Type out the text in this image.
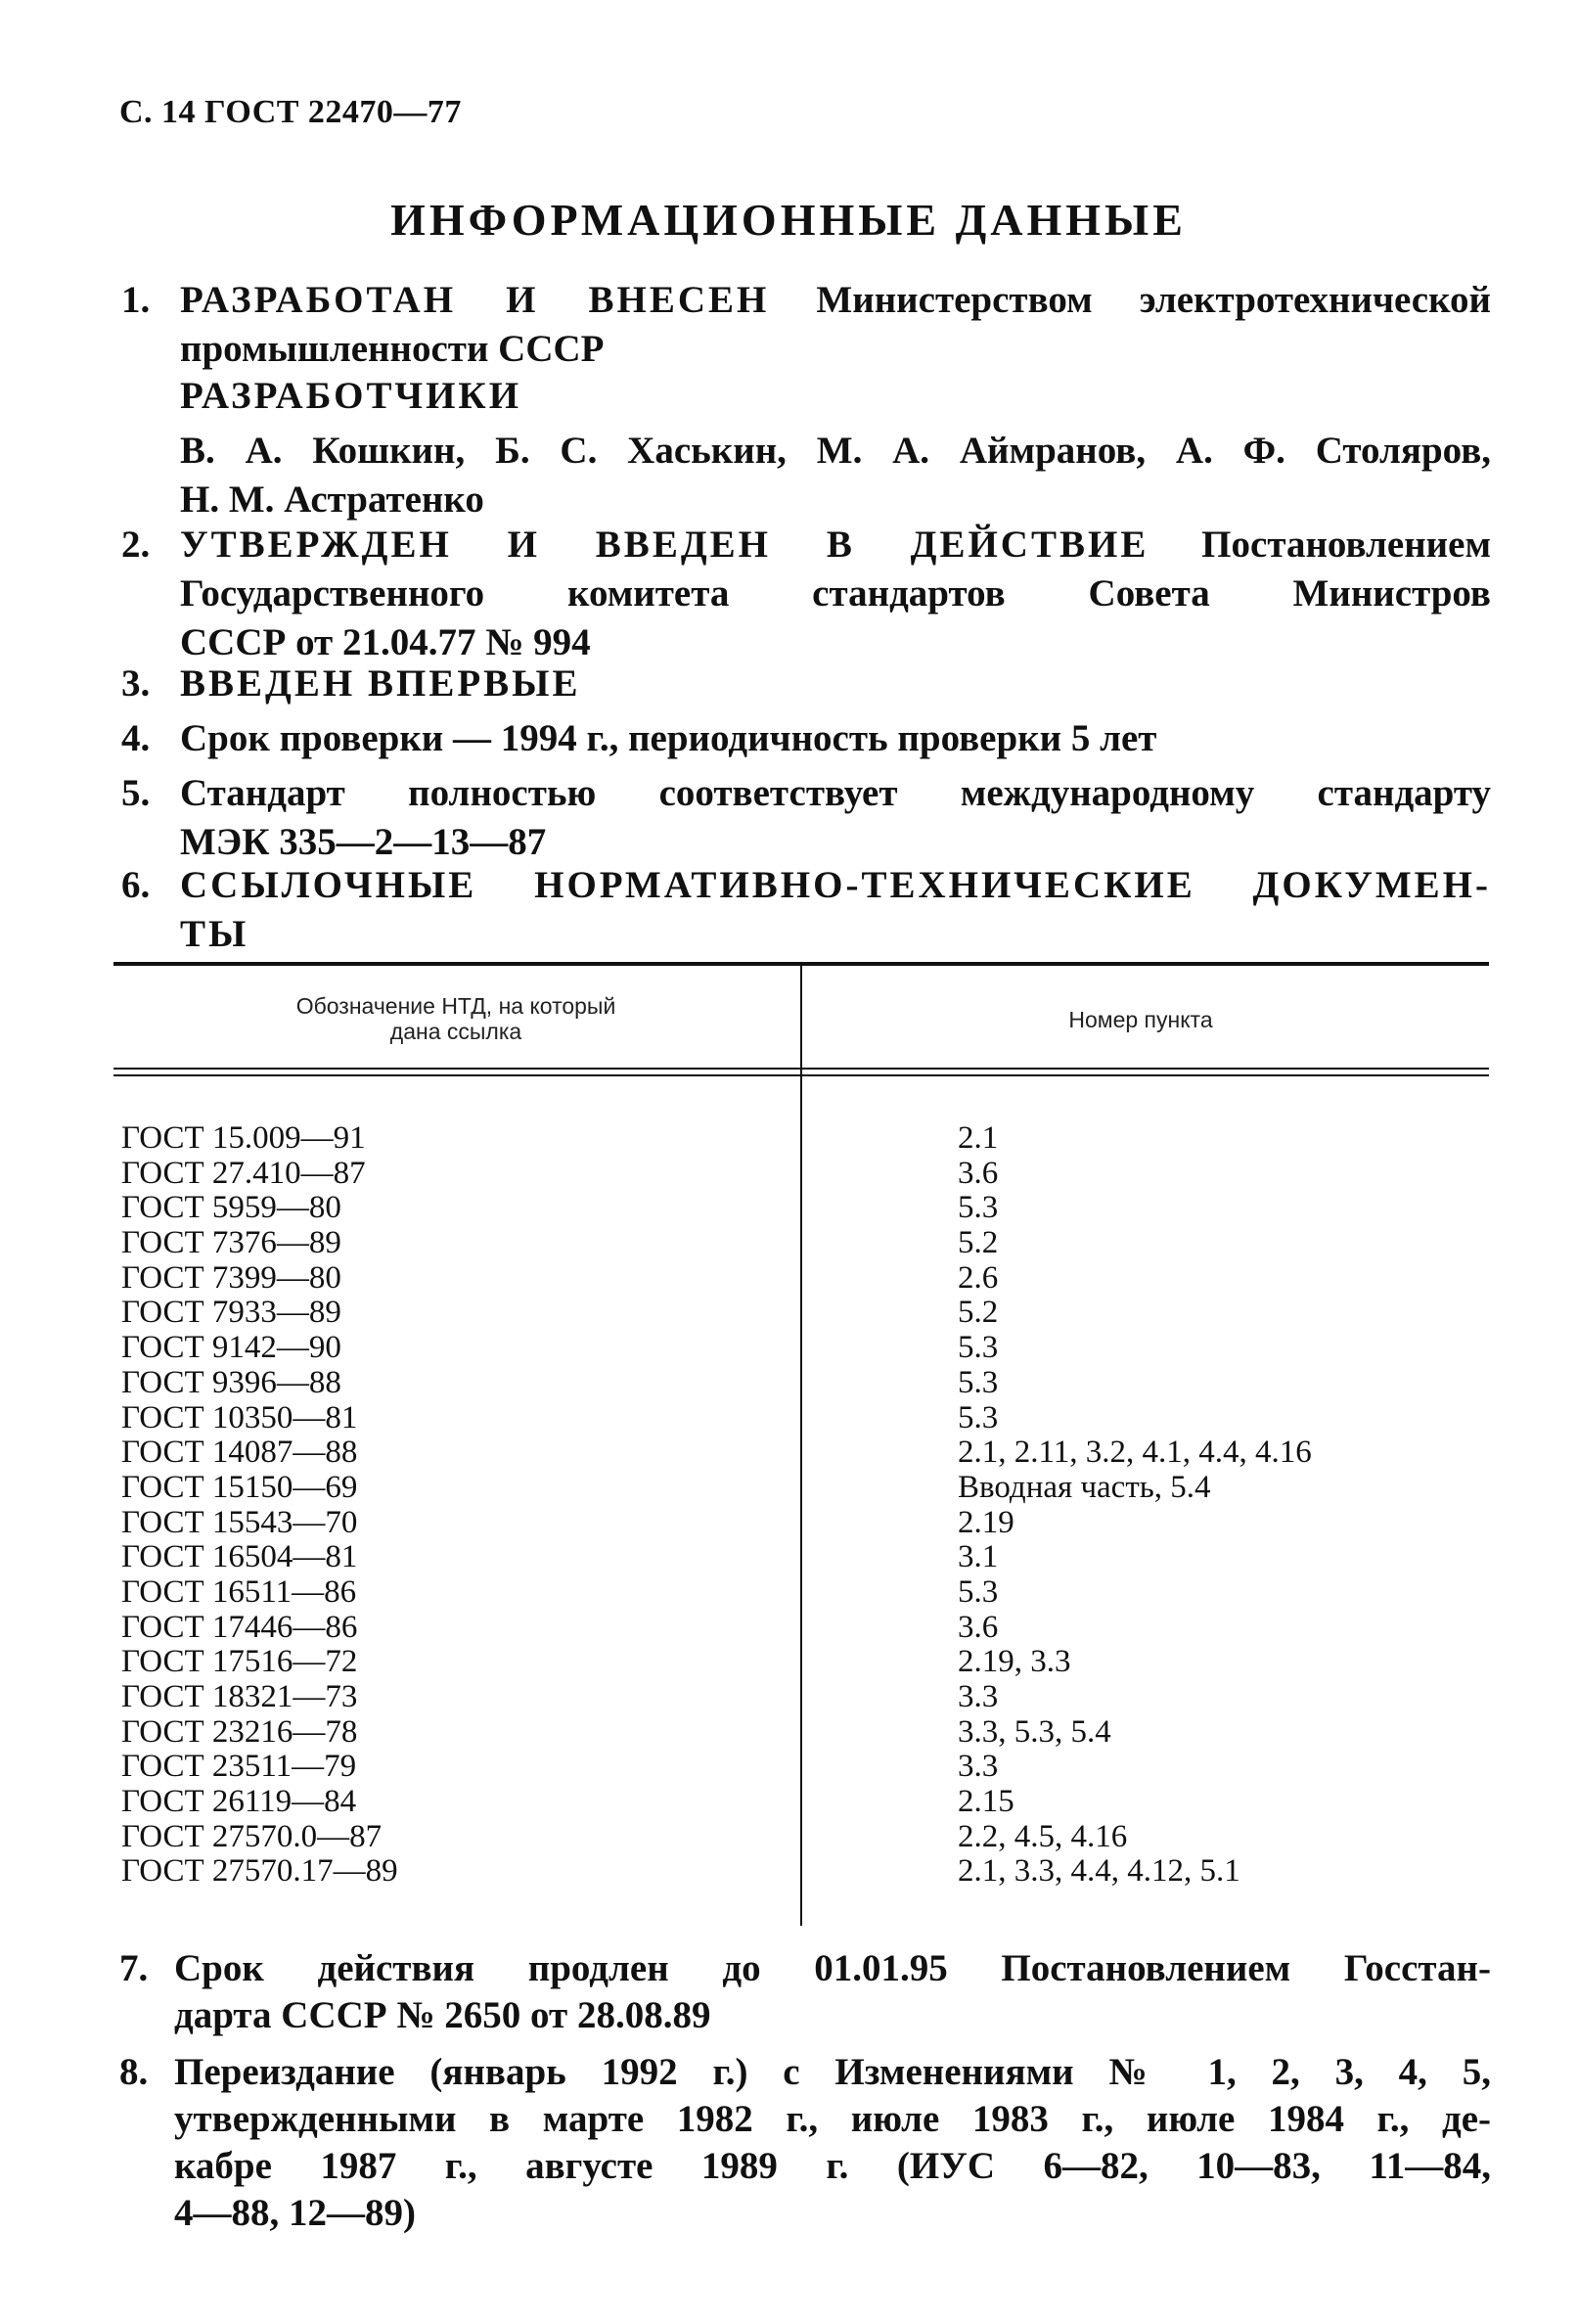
С. 14 ГОСТ 22470—77
ИНФОРМАЦИОННЫЕ ДАННЫЕ
1. РАЗРАБОТАН И ВНЕСЕН Министерством электротехнической
промышленности СССР
РАЗРАБОТЧИКИ
В. А. Кошкин, Б. С. Хаськин, М. А. Аймранов, А. Ф. Столяров,
Н. М. Астратенко
2. УТВЕРЖДЕН И ВВЕДЕН В ДЕЙСТВИЕ Постановлением
Государственного комитета стандартов Совета Министров
СССР от 21.04.77 № 994
3. ВВЕДЕН ВПЕРВЫЕ
4. Срок проверки — 1994 г., периодичность проверки 5 лет
5. Стандарт полностью соответствует международному стандарту
МЭК 335—2—13—87
6. ССЫЛОЧНЫЕ НОРМАТИВНО-ТЕХНИЧЕСКИЕ ДОКУМЕН-
ТЫ
Обозначение НТД, на который
дана ссылка	Номер пункта
ГОСТ 15.009—91	2.1
ГОСТ 27.410—87	3.6
ГОСТ 5959—80	5.3
ГОСТ 7376—89	5.2
ГОСТ 7399—80	2.6
ГОСТ 7933—89	5.2
ГОСТ 9142—90	5.3
ГОСТ 9396—88	5.3
ГОСТ 10350—81	5.3
ГОСТ 14087—88	2.1, 2.11, 3.2, 4.1, 4.4, 4.16
ГОСТ 15150—69	Вводная часть, 5.4
ГОСТ 15543—70	2.19
ГОСТ 16504—81	3.1
ГОСТ 16511—86	5.3
ГОСТ 17446—86	3.6
ГОСТ 17516—72	2.19, 3.3
ГОСТ 18321—73	3.3
ГОСТ 23216—78	3.3, 5.3, 5.4
ГОСТ 23511—79	3.3
ГОСТ 26119—84	2.15
ГОСТ 27570.0—87	2.2, 4.5, 4.16
ГОСТ 27570.17—89	2.1, 3.3, 4.4, 4.12, 5.1
7. Срок действия продлен до 01.01.95 Постановлением Госстан-
дарта СССР № 2650 от 28.08.89
8. Переиздание (январь 1992 г.) с Изменениями № 1, 2, 3, 4, 5,
утвержденными в марте 1982 г., июле 1983 г., июле 1984 г., де-
кабре 1987 г., августе 1989 г. (ИУС 6—82, 10—83, 11—84,
4—88, 12—89)
